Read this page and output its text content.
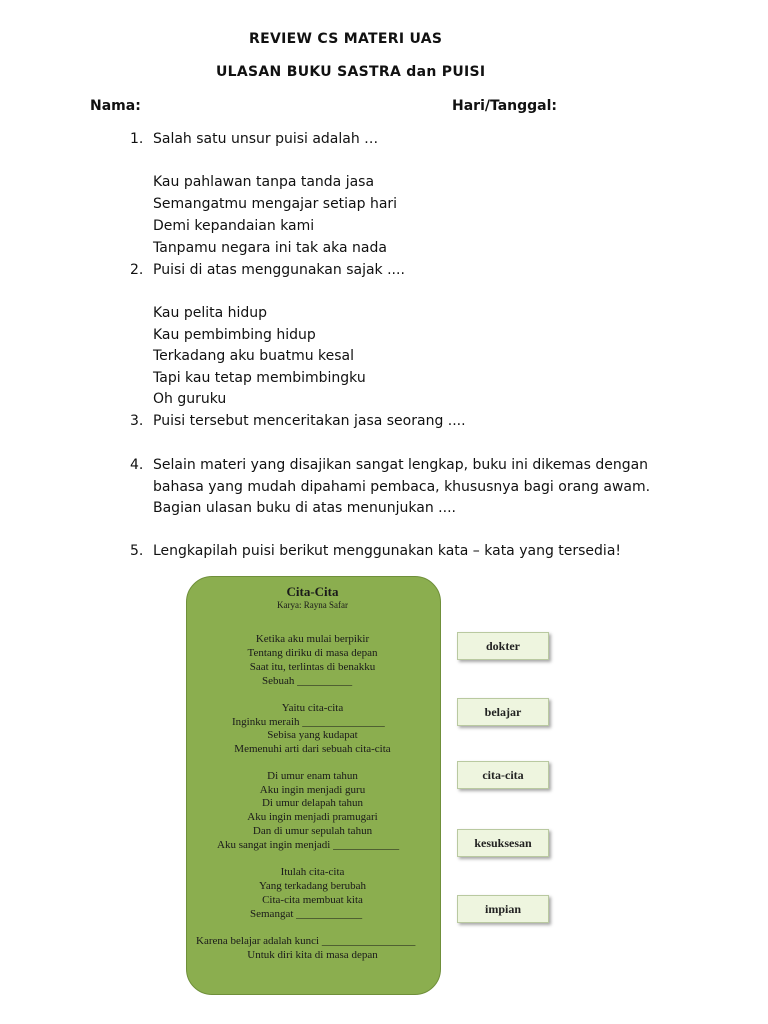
REVIEW CS MATERI UAS
ULASAN BUKU SASTRA dan PUISI
Nama:	Hari/Tanggal:
1. Salah satu unsur puisi adalah …
Kau pahlawan tanpa tanda jasa
Semangatmu mengajar setiap hari
Demi kepandaian kami
Tanpamu negara ini tak aka nada
2. Puisi di atas menggunakan sajak ....
Kau pelita hidup
Kau pembimbing hidup
Terkadang aku buatmu kesal
Tapi kau tetap membimbingku
Oh guruku
3. Puisi tersebut menceritakan jasa seorang ....
4. Selain materi yang disajikan sangat lengkap, buku ini dikemas dengan
bahasa yang mudah dipahami pembaca, khususnya bagi orang awam.
Bagian ulasan buku di atas menunjukan ....
5. Lengkapilah puisi berikut menggunakan kata – kata yang tersedia!
Cita-Cita
Karya: Rayna Safar
Ketika aku mulai berpikir
Tentang diriku di masa depan
Saat itu, terlintas di benakku
Sebuah __________
Yaitu cita-cita
Inginku meraih _______________
Sebisa yang kudapat
Memenuhi arti dari sebuah cita-cita
Di umur enam tahun
Aku ingin menjadi guru
Di umur delapah tahun
Aku ingin menjadi pramugari
Dan di umur sepulah tahun
Aku sangat ingin menjadi ____________
Itulah cita-cita
Yang terkadang berubah
Cita-cita membuat kita
Semangat ____________
Karena belajar adalah kunci _________________
Untuk diri kita di masa depan
dokter
belajar
cita-cita
kesuksesan
impian
